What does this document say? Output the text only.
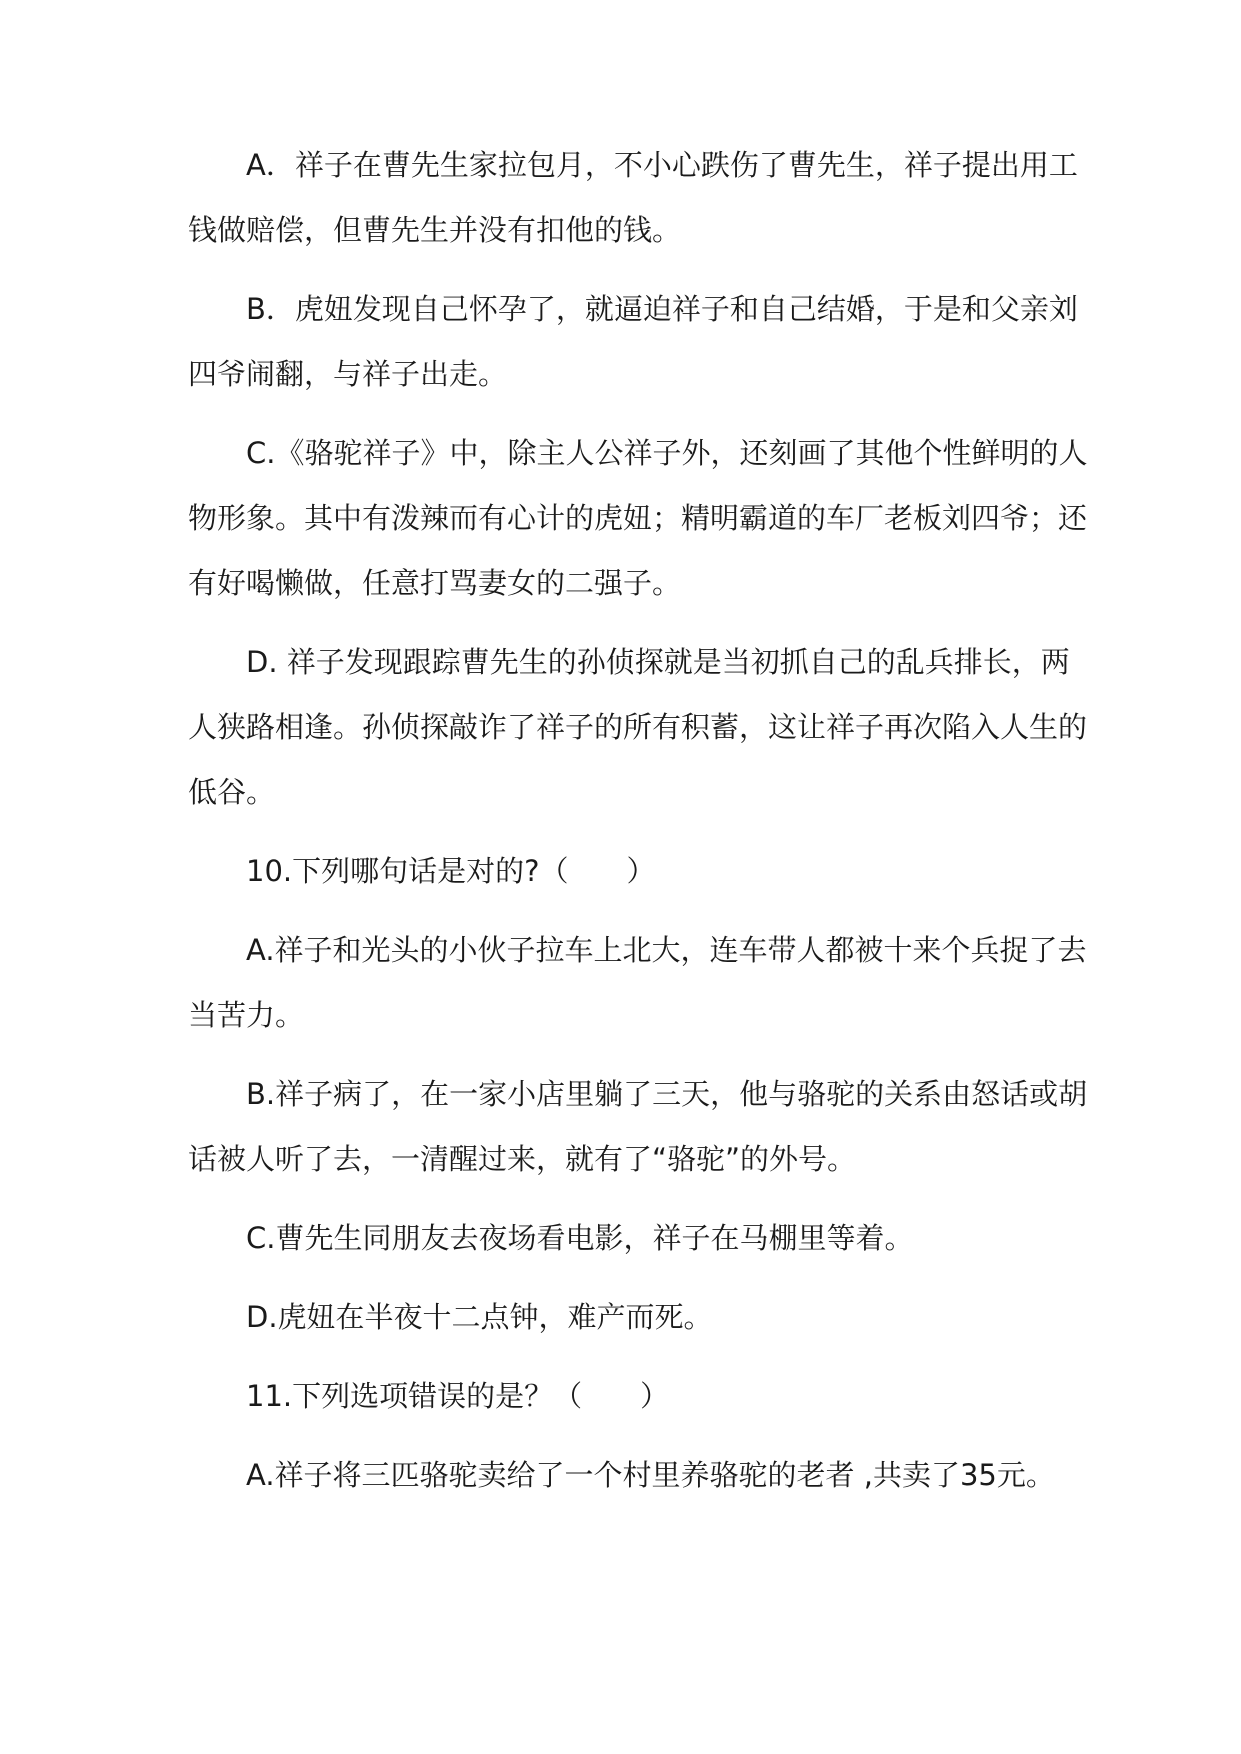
A．祥子在曹先生家拉包月，不小心跌伤了曹先生，祥子提出用工钱做赔偿，但曹先生并没有扣他的钱。

B．虎妞发现自己怀孕了，就逼迫祥子和自己结婚，于是和父亲刘四爷闹翻，与祥子出走。

C.《骆驼祥子》中，除主人公祥子外，还刻画了其他个性鲜明的人物形象。其中有泼辣而有心计的虎妞；精明霸道的车厂老板刘四爷；还有好喝懒做，任意打骂妻女的二强子。

D. 祥子发现跟踪曹先生的孙侦探就是当初抓自己的乱兵排长，两人狭路相逢。孙侦探敲诈了祥子的所有积蓄，这让祥子再次陷入人生的低谷。

10.下列哪句话是对的?（　　）

A.祥子和光头的小伙子拉车上北大，连车带人都被十来个兵捉了去当苦力。

B.祥子病了，在一家小店里躺了三天，他与骆驼的关系由怒话或胡话被人听了去，一清醒过来，就有了“骆驼”的外号。

C.曹先生同朋友去夜场看电影，祥子在马棚里等着。

D.虎妞在半夜十二点钟，难产而死。

11.下列选项错误的是？（　　）

A.祥子将三匹骆驼卖给了一个村里养骆驼的老者 ,共卖了35元。
